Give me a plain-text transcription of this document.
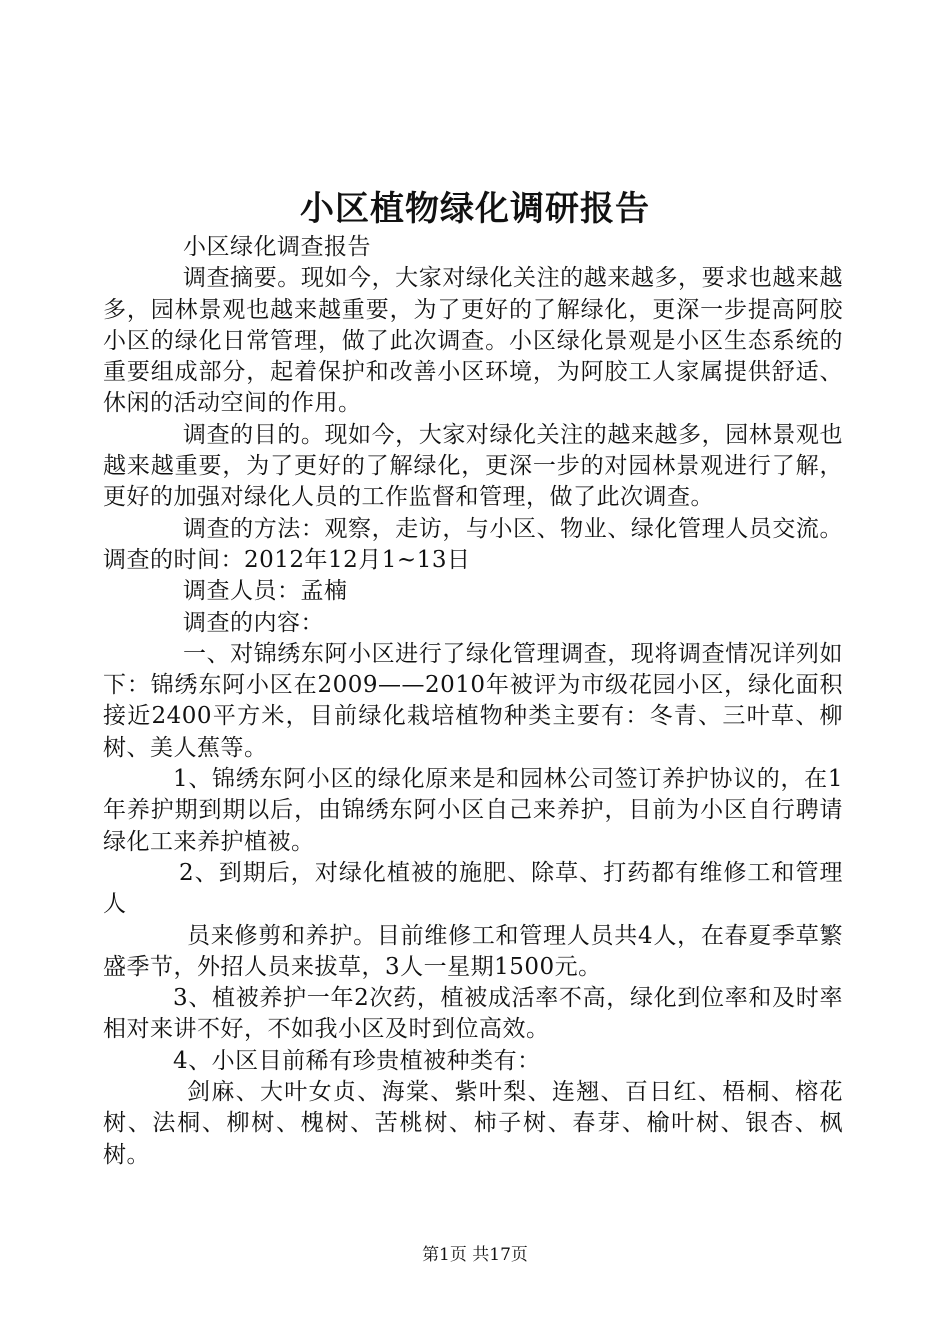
小区植物绿化调研报告

小区绿化调查报告

调查摘要。现如今，大家对绿化关注的越来越多，要求也越来越多，园林景观也越来越重要，为了更好的了解绿化，更深一步提高阿胶小区的绿化日常管理，做了此次调查。小区绿化景观是小区生态系统的重要组成部分，起着保护和改善小区环境，为阿胶工人家属提供舒适、休闲的活动空间的作用。

调查的目的。现如今，大家对绿化关注的越来越多，园林景观也越来越重要，为了更好的了解绿化，更深一步的对园林景观进行了解，更好的加强对绿化人员的工作监督和管理，做了此次调查。

调查的方法：观察，走访，与小区、物业、绿化管理人员交流。调查的时间：2012年12月1~13日

调查人员：孟楠

调查的内容：

一、对锦绣东阿小区进行了绿化管理调查，现将调查情况详列如下：锦绣东阿小区在2009——2010年被评为市级花园小区，绿化面积接近2400平方米，目前绿化栽培植物种类主要有：冬青、三叶草、柳树、美人蕉等。

1、锦绣东阿小区的绿化原来是和园林公司签订养护协议的，在1年养护期到期以后，由锦绣东阿小区自己来养护，目前为小区自行聘请绿化工来养护植被。

2、到期后，对绿化植被的施肥、除草、打药都有维修工和管理人

员来修剪和养护。目前维修工和管理人员共4人，在春夏季草繁盛季节，外招人员来拔草，3人一星期1500元。

3、植被养护一年2次药，植被成活率不高，绿化到位率和及时率相对来讲不好，不如我小区及时到位高效。

4、小区目前稀有珍贵植被种类有：

剑麻、大叶女贞、海棠、紫叶梨、连翘、百日红、梧桐、榕花树、法桐、柳树、槐树、苦桃树、柿子树、春芽、榆叶树、银杏、枫树。

第1页 共17页
